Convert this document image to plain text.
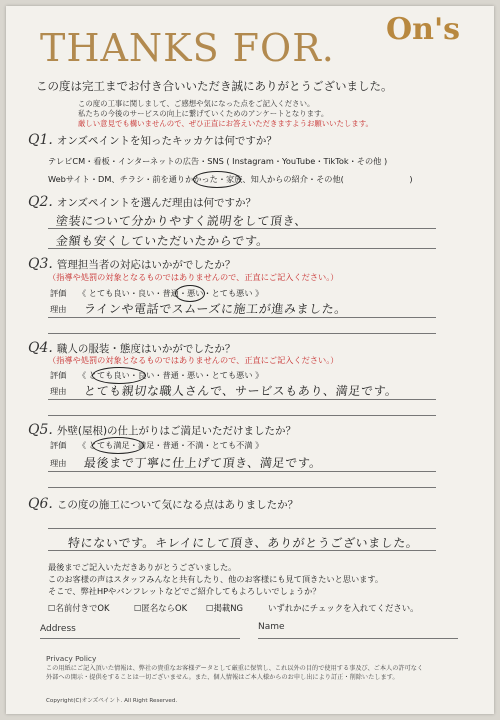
THANKS FOR. On's
この度は完工までお付き合いいただき誠にありがとうございました。
この度の工事に関しまして、ご感想や気になった点をご記入ください。
私たちの今後のサービスの向上に繋げていくためのアンケートとなります。
厳しい意見でも構いませんので、ぜひ正直にお答えいただきますようお願いいたします。
Q1. オンズペイントを知ったキッカケは何ですか？
テレビCM・看板・インターネットの広告・SNS ( Instagram・YouTube・TikTok・その他 )
Webサイト・DM、チラシ・前を通りかかった・家族、知人からの紹介・その他(　　　　　　　　)
Q2. オンズペイントを選んだ理由は何ですか？
塗装について分かりやすく説明をして頂き、
金額も安くしていただいたからです。
Q3. 管理担当者の対応はいかがでしたか？
（指導や処罰の対象となるものではありませんので、正直にご記入ください。）
評価 《 とても良い・良い・普通・悪い・とても悪い 》
理由 ラインや電話でスムーズに施工が進みました。
Q4. 職人の服装・態度はいかがでしたか？
（指導や処罰の対象となるものではありませんので、正直にご記入ください。）
評価 《 とても良い・良い・普通・悪い・とても悪い 》
理由 とても親切な職人さんで、サービスもあり、満足です。
Q5. 外壁(屋根)の仕上がりはご満足いただけましたか？
評価 《 とても満足・満足・普通・不満・とても不満 》
理由 最後まで丁寧に仕上げて頂き、満足です。
Q6. この度の施工について気になる点はありましたか？
特にないです。キレイにして頂き、ありがとうございました。
最後までご記入いただきありがとうございました。
このお客様の声はスタッフみんなと共有したり、他のお客様にも見て頂きたいと思います。
そこで、弊社HPやパンフレットなどでご紹介してもよろしいでしょうか？
☐名前付きでOK	☐匿名ならOK ☐掲載NG	いずれかにチェックを入れてください。
Address	Name
Privacy Policy
この用紙にご記入頂いた情報は、弊社の貴重なお客様データとして厳重に保管し、これ以外の目的で使用する事及び、ご本人の許可なく
外部への開示・提供をすることは一切ございません。また、個人情報はご本人様からのお申し出により訂正・削除いたします。
Copyright(C)オンズペイント. All Right Reserved.
